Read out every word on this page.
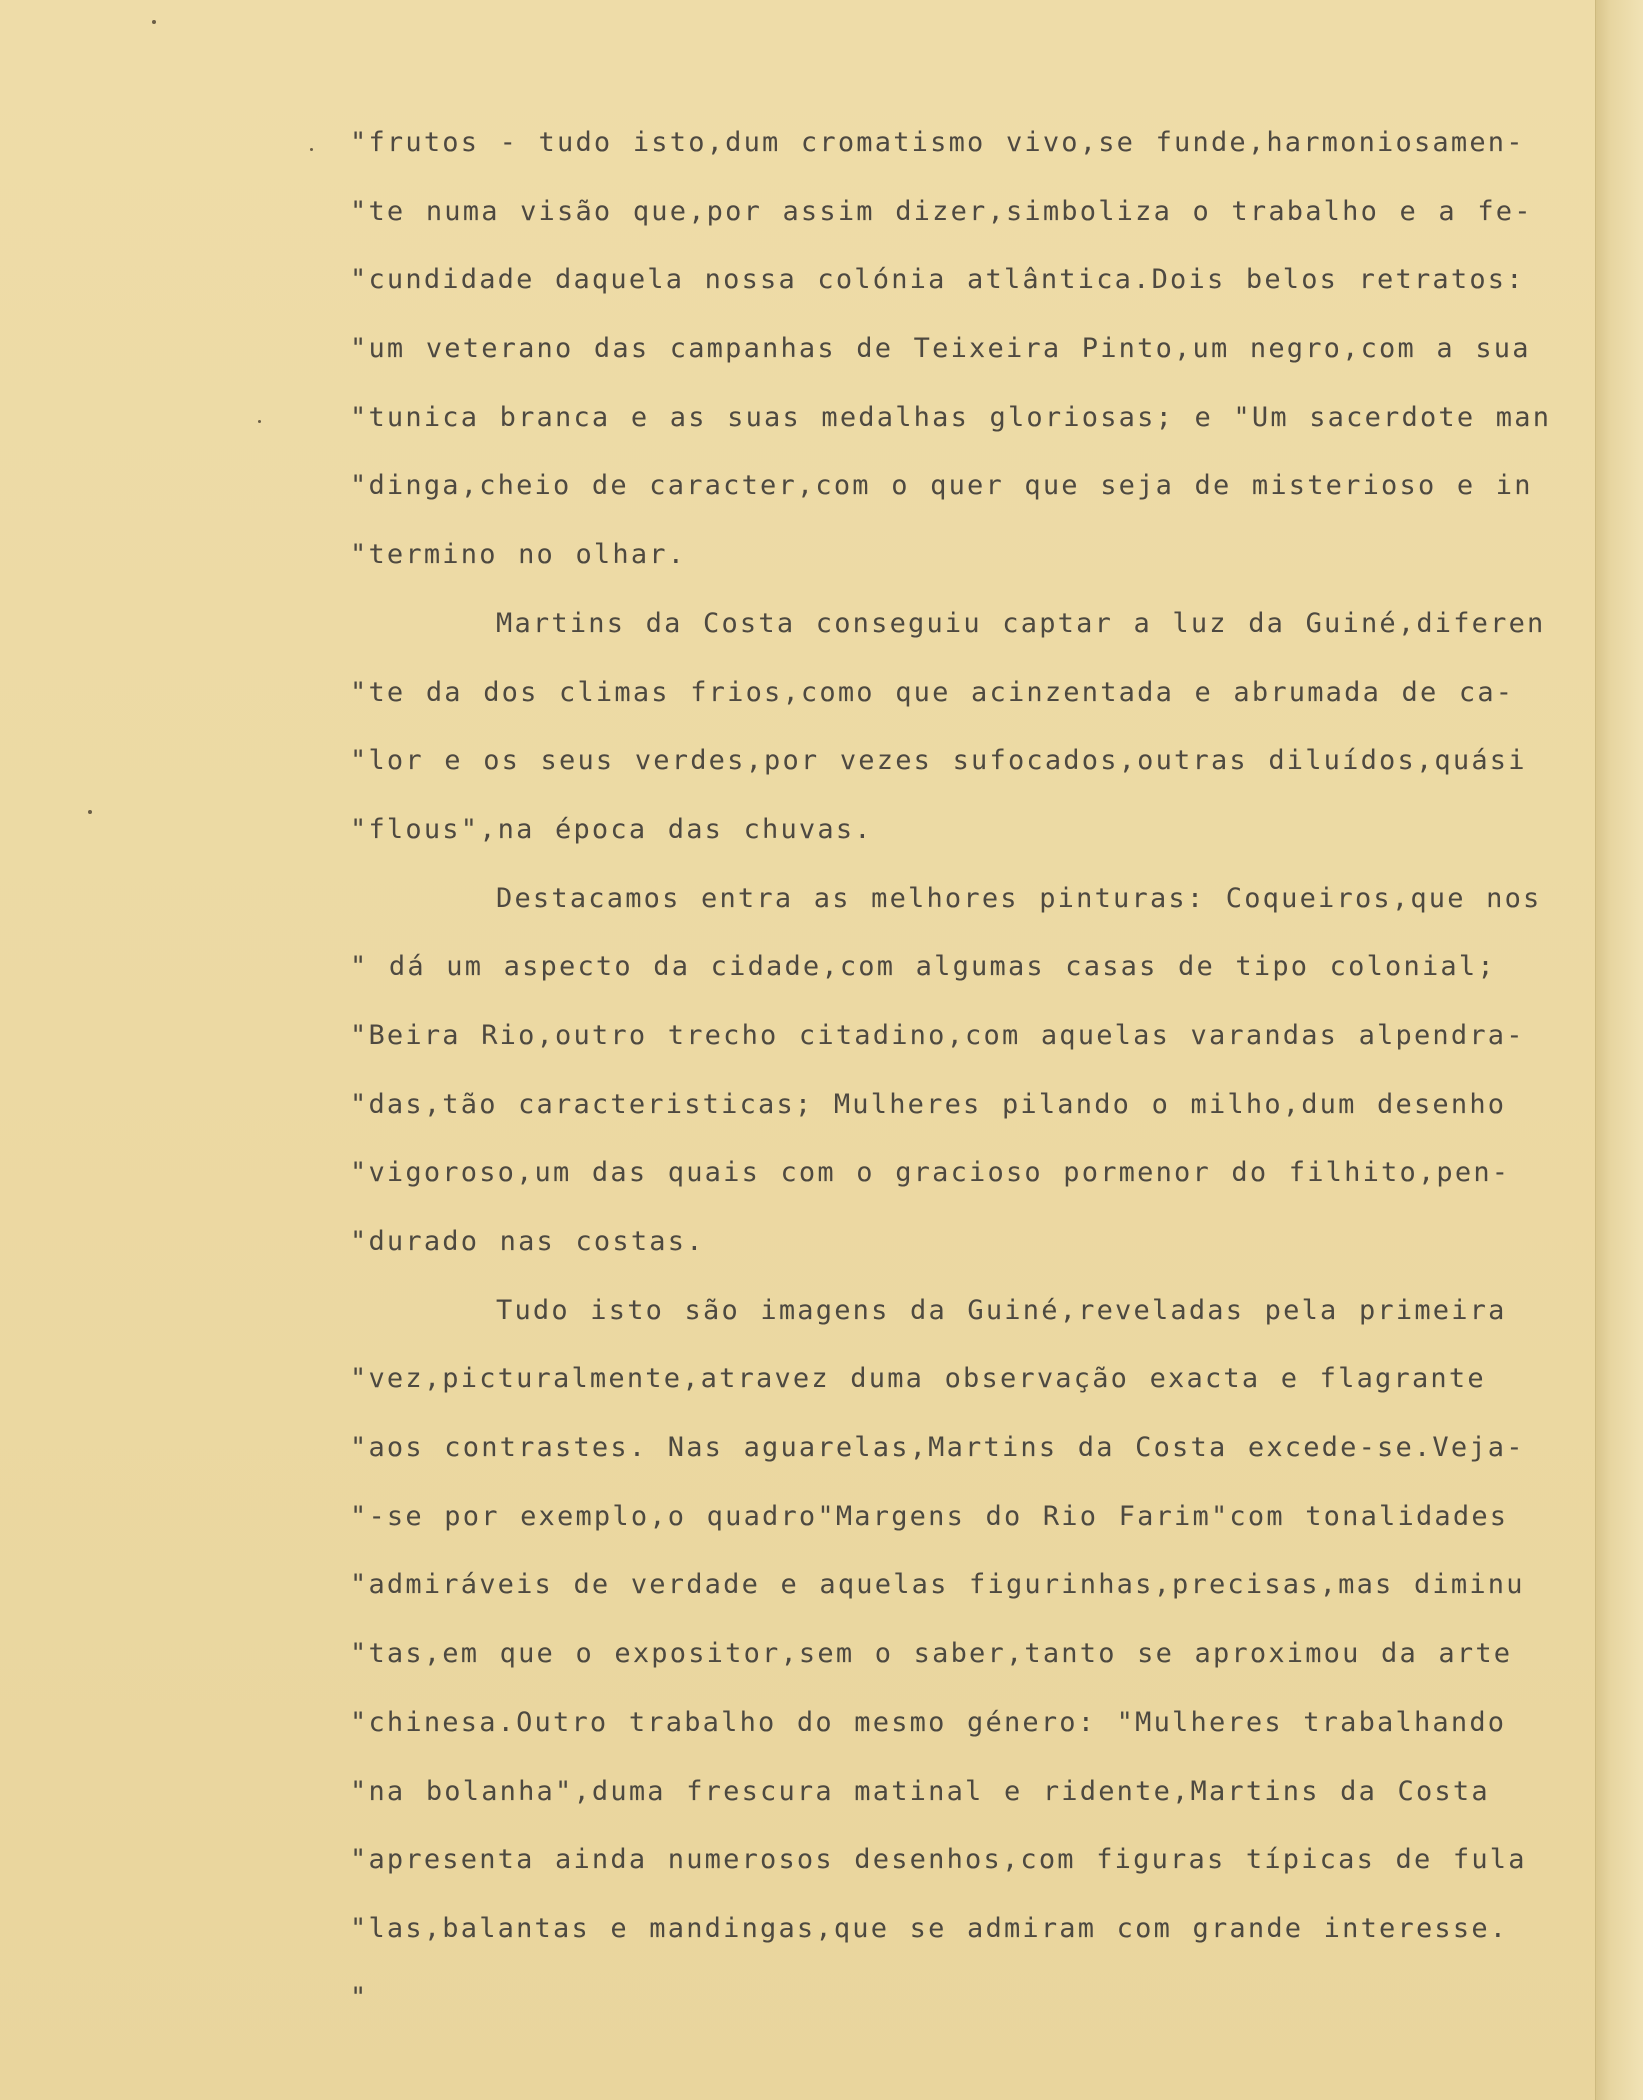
"frutos - tudo isto,dum cromatismo vivo,se funde,harmoniosamen-
"te numa visão que,por assim dizer,simboliza o trabalho e a fe-
"cundidade daquela nossa colónia atlântica.Dois belos retratos:
"um veterano das campanhas de Teixeira Pinto,um negro,com a sua
"tunica branca e as suas medalhas gloriosas; e "Um sacerdote man
"dinga,cheio de caracter,com o quer que seja de misterioso e in
"termino no olhar.
Martins da Costa conseguiu captar a luz da Guiné,diferen
"te da dos climas frios,como que acinzentada e abrumada de ca-
"lor e os seus verdes,por vezes sufocados,outras diluídos,quási
"flous",na época das chuvas.
Destacamos entra as melhores pinturas: Coqueiros,que nos
" dá um aspecto da cidade,com algumas casas de tipo colonial;
"Beira Rio,outro trecho citadino,com aquelas varandas alpendra-
"das,tão caracteristicas; Mulheres pilando o milho,dum desenho
"vigoroso,um das quais com o gracioso pormenor do filhito,pen-
"durado nas costas.
Tudo isto são imagens da Guiné,reveladas pela primeira
"vez,picturalmente,atravez duma observação exacta e flagrante
"aos contrastes. Nas aguarelas,Martins da Costa excede-se.Veja-
"-se por exemplo,o quadro"Margens do Rio Farim"com tonalidades
"admiráveis de verdade e aquelas figurinhas,precisas,mas diminu
"tas,em que o expositor,sem o saber,tanto se aproximou da arte
"chinesa.Outro trabalho do mesmo género: "Mulheres trabalhando
"na bolanha",duma frescura matinal e ridente,Martins da Costa
"apresenta ainda numerosos desenhos,com figuras típicas de fula
"las,balantas e mandingas,que se admiram com grande interesse.
"
